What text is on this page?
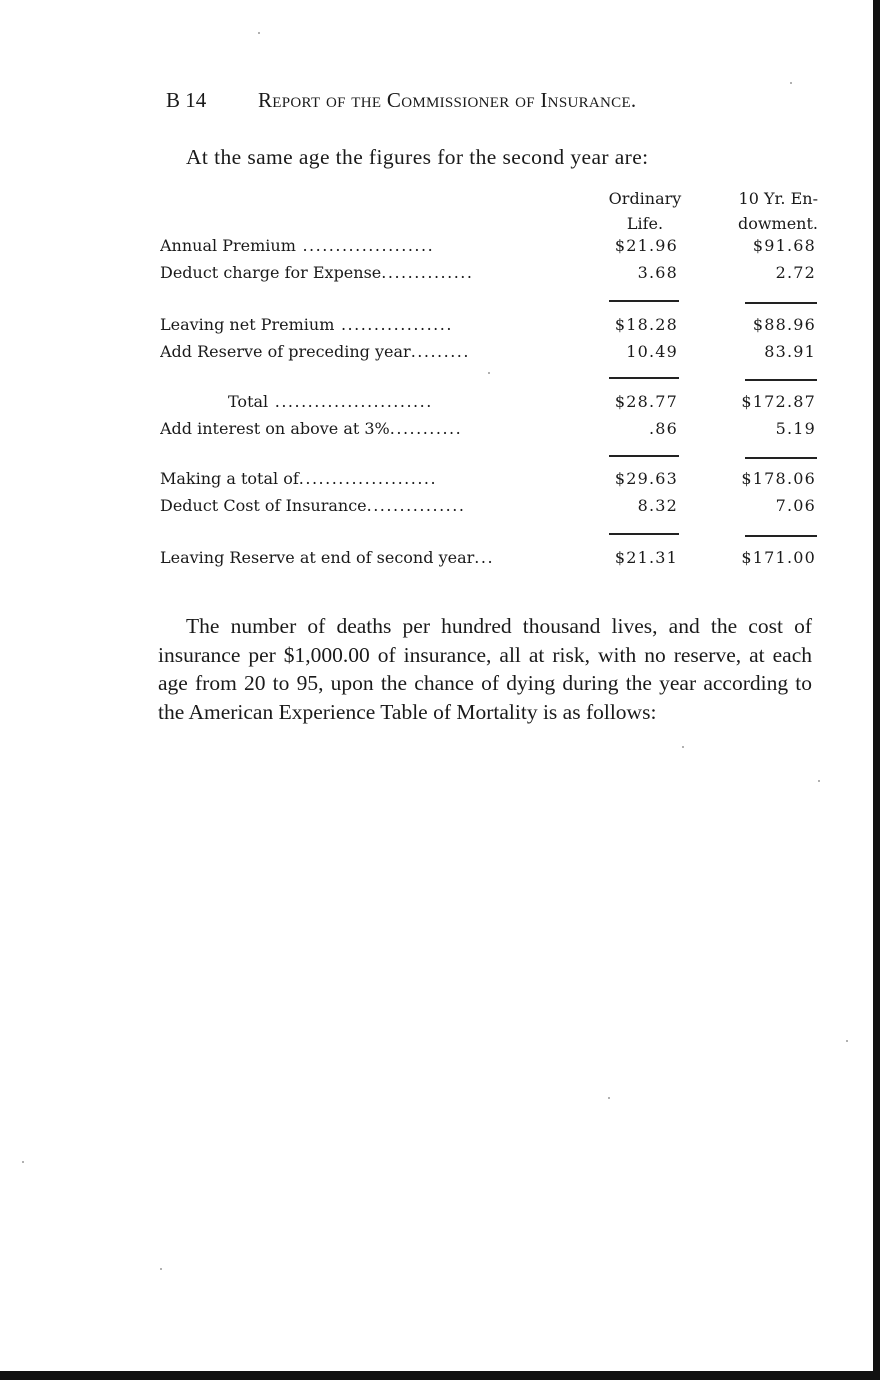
B 14 Report of the Commissioner of Insurance.
At the same age the figures for the second year are:
Ordinary
Life.
10 Yr. En-
dowment.
Annual Premium ....................	$21.96	$91.68
Deduct charge for Expense..............	3.68	2.72
Leaving net Premium .................	$18.28	$88.96
Add Reserve of preceding year.........	10.49	83.91
Total ........................	$28.77	$172.87
Add interest on above at 3%...........	.86	5.19
Making a total of.....................	$29.63	$178.06
Deduct Cost of Insurance...............	8.32	7.06
Leaving Reserve at end of second year...	$21.31	$171.00

The number of deaths per hundred thousand lives, and the cost of insurance per $1,000.00 of insurance, all at risk, with no reserve, at each age from 20 to 95, upon the chance of dying during the year according to the American Experience Table of Mortality is as follows:
